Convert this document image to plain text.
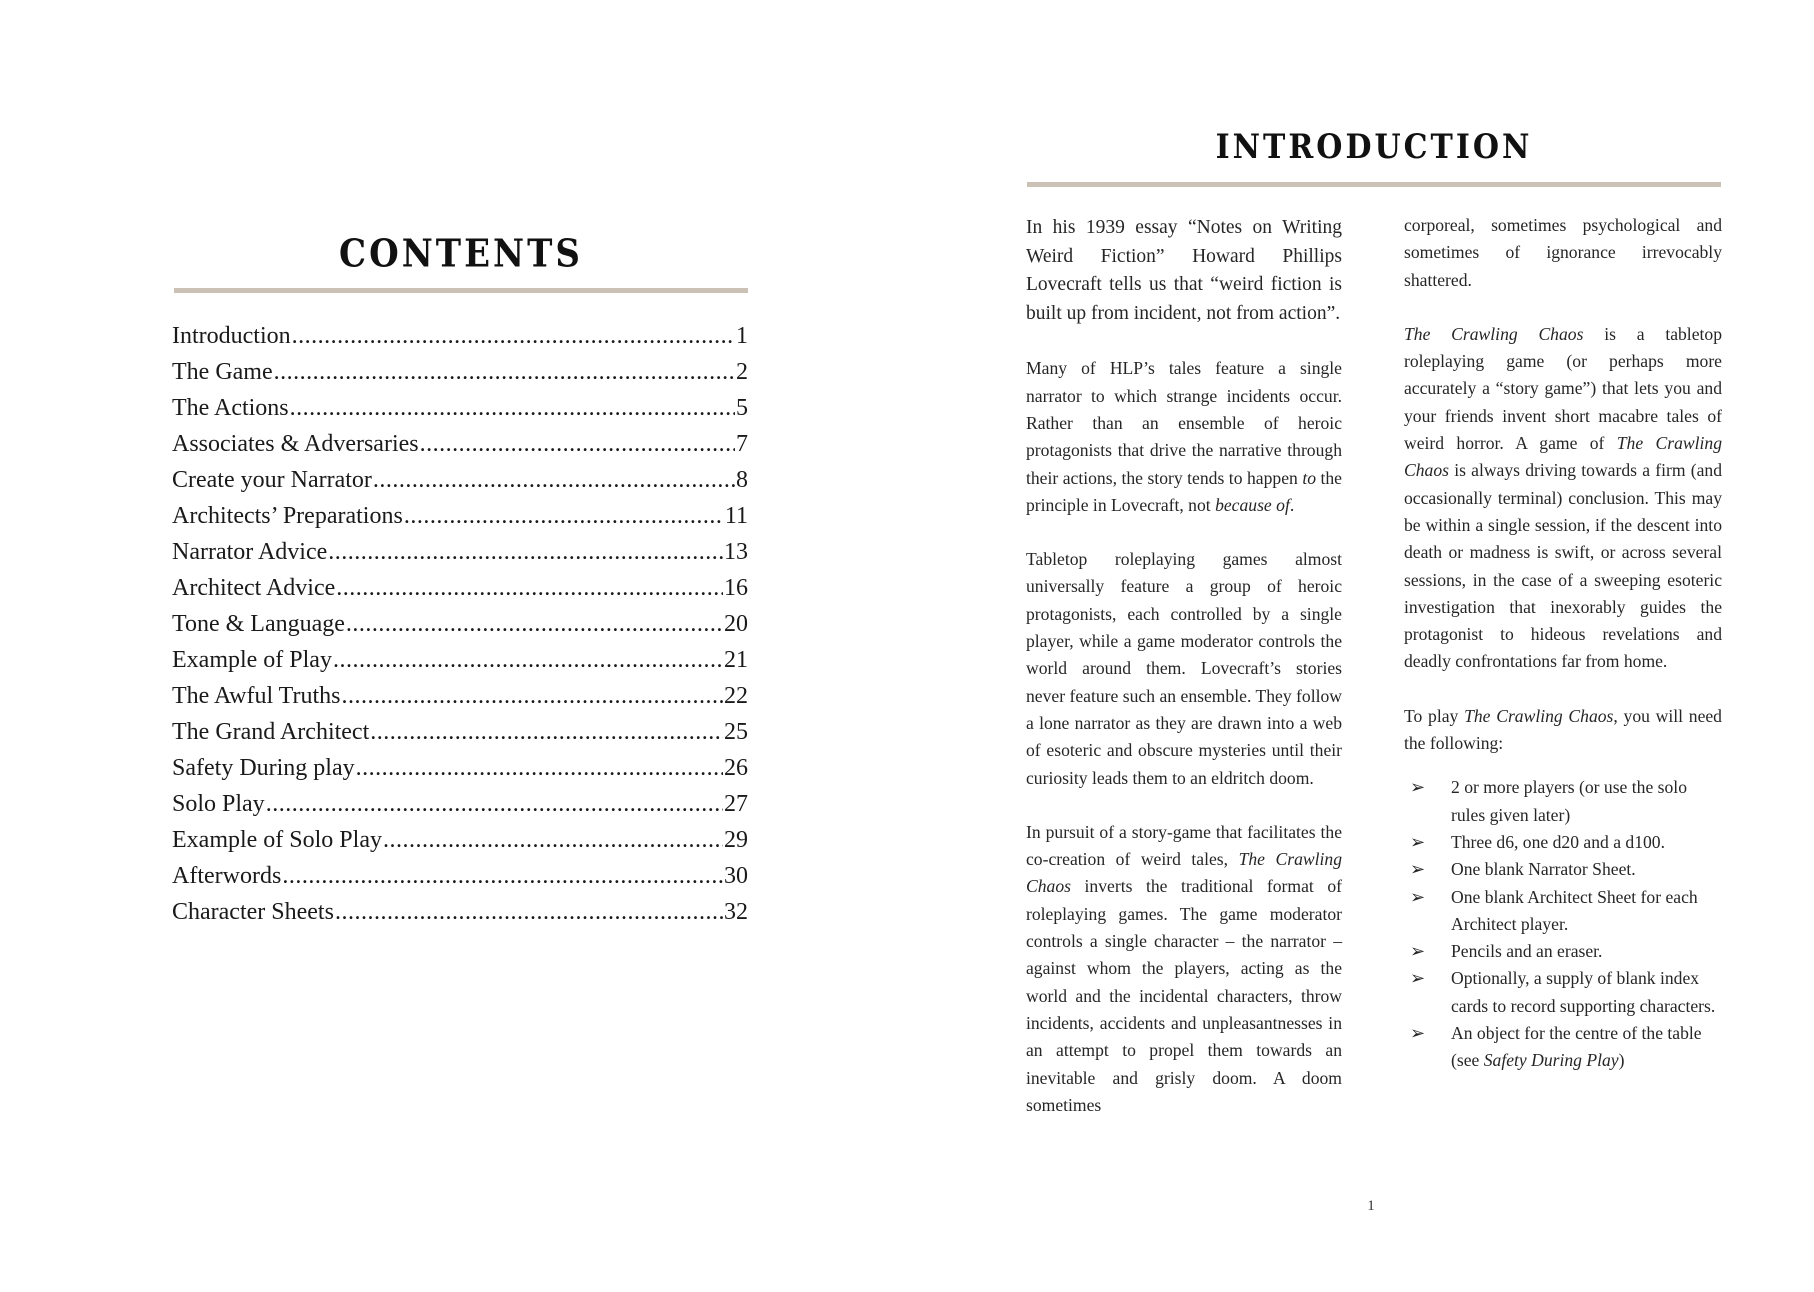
CONTENTS
Introduction .....	1
The Game .....	2
The Actions .....	5
Associates & Adversaries .....	7
Create your Narrator .....	8
Architects’ Preparations .....	11
Narrator Advice .....	13
Architect Advice .....	16
Tone & Language .....	20
Example of Play .....	21
The Awful Truths .....	22
The Grand Architect .....	25
Safety During play .....	26
Solo Play .....	27
Example of Solo Play .....	29
Afterwords .....	30
Character Sheets .....	32
INTRODUCTION

In his 1939 essay “Notes on Writing Weird Fiction” Howard Phillips Lovecraft tells us that “weird fiction is built up from incident, not from action”.

Many of HLP’s tales feature a single narrator to which strange incidents occur. Rather than an ensemble of heroic protagonists that drive the narrative through their actions, the story tends to happen to the principle in Lovecraft, not because of.

Tabletop roleplaying games almost universally feature a group of heroic protagonists, each controlled by a single player, while a game moderator controls the world around them. Lovecraft’s stories never feature such an ensemble. They follow a lone narrator as they are drawn into a web of esoteric and obscure mysteries until their curiosity leads them to an eldritch doom.

In pursuit of a story-game that facilitates the co-creation of weird tales, The Crawling Chaos inverts the traditional format of roleplaying games. The game moderator controls a single character – the narrator – against whom the players, acting as the world and the incidental characters, throw incidents, accidents and unpleasantnesses in an attempt to propel them towards an inevitable and grisly doom. A doom sometimes

corporeal, sometimes psychological and sometimes of ignorance irrevocably shattered.

The Crawling Chaos is a tabletop roleplaying game (or perhaps more accurately a “story game”) that lets you and your friends invent short macabre tales of weird horror. A game of The Crawling Chaos is always driving towards a firm (and occasionally terminal) conclusion. This may be within a single session, if the descent into death or madness is swift, or across several sessions, in the case of a sweeping esoteric investigation that inexorably guides the protagonist to hideous revelations and deadly confrontations far from home.

To play The Crawling Chaos, you will need the following:

➢ 2 or more players (or use the solo rules given later)
➢ Three d6, one d20 and a d100.
➢ One blank Narrator Sheet.
➢ One blank Architect Sheet for each Architect player.
➢ Pencils and an eraser.
➢ Optionally, a supply of blank index cards to record supporting characters.
➢ An object for the centre of the table (see Safety During Play)
1
